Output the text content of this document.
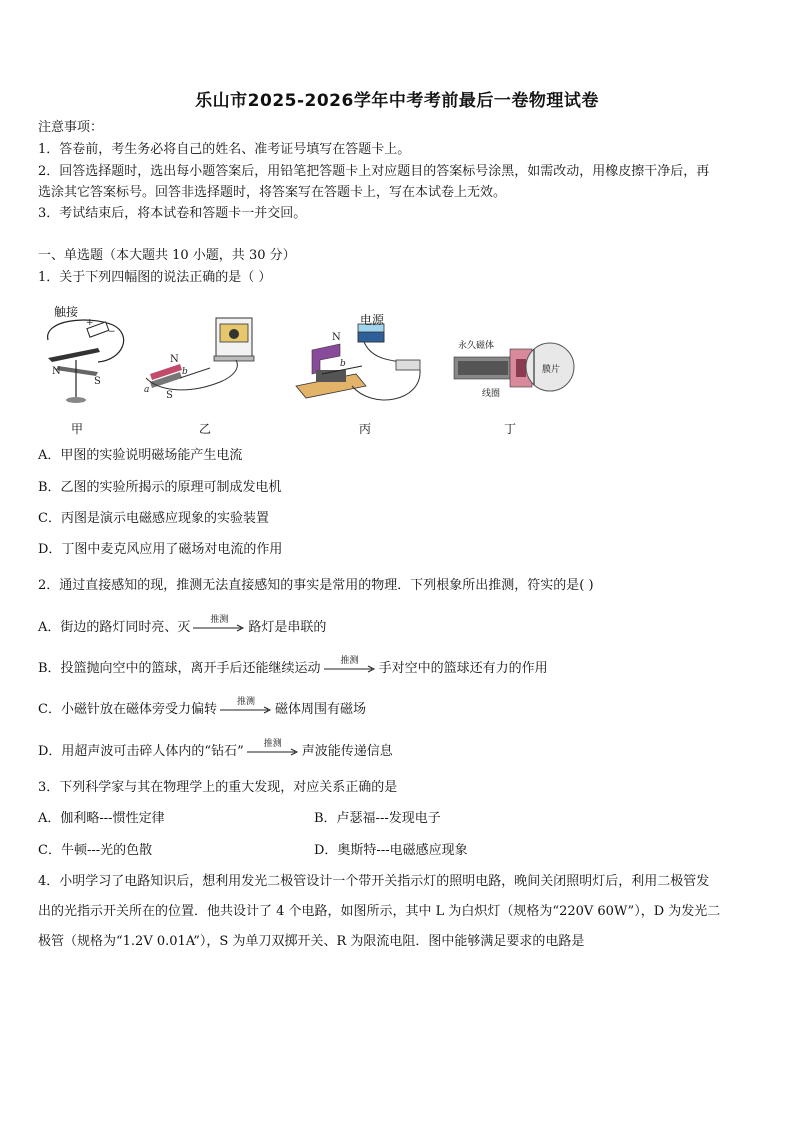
乐山市2025-2026学年中考考前最后一卷物理试卷
注意事项：
1．答卷前，考生务必将自己的姓名、准考证号填写在答题卡上。
2．回答选择题时，选出每小题答案后，用铅笔把答题卡上对应题目的答案标号涂黑，如需改动，用橡皮擦干净后，再
选涂其它答案标号。回答非选择题时，将答案写在答题卡上，写在本试卷上无效。
3．考试结束后，将本试卷和答题卡一并交回。
一、单选题（本大题共 10 小题，共 30 分）
1．关于下列四幅图的说法正确的是（ ）
+
−
N
S
触接
甲
N
S
a
b
乙
N
b
电源
丙
永久磁体
膜片
线圈
丁
A．甲图的实验说明磁场能产生电流
B．乙图的实验所揭示的原理可制成发电机
C．丙图是演示电磁感应现象的实验装置
D．丁图中麦克风应用了磁场对电流的作用
2．通过直接感知的现，推测无法直接感知的事实是常用的物理．下列根象所出推测，符实的是( )
A．街边的路灯同时亮、灭
推测
路灯是串联的
B．投篮抛向空中的篮球，离开手后还能继续运动
推测
手对空中的篮球还有力的作用
C．小磁针放在磁体旁受力偏转
推测
磁体周围有磁场
D．用超声波可击碎人体内的“钻石”
推测
声波能传递信息
3．下列科学家与其在物理学上的重大发现，对应关系正确的是
A．伽利略---惯性定律	B．卢瑟福---发现电子
C．牛顿---光的色散	D．奥斯特---电磁感应现象
4．小明学习了电路知识后，想利用发光二极管设计一个带开关指示灯的照明电路，晚间关闭照明灯后，利用二极管发
出的光指示开关所在的位置．他共设计了 4 个电路，如图所示，其中 L 为白炽灯（规格为“220V 60W”），D 为发光二
极管（规格为“1.2V 0.01A”），S 为单刀双掷开关、R 为限流电阻．图中能够满足要求的电路是
